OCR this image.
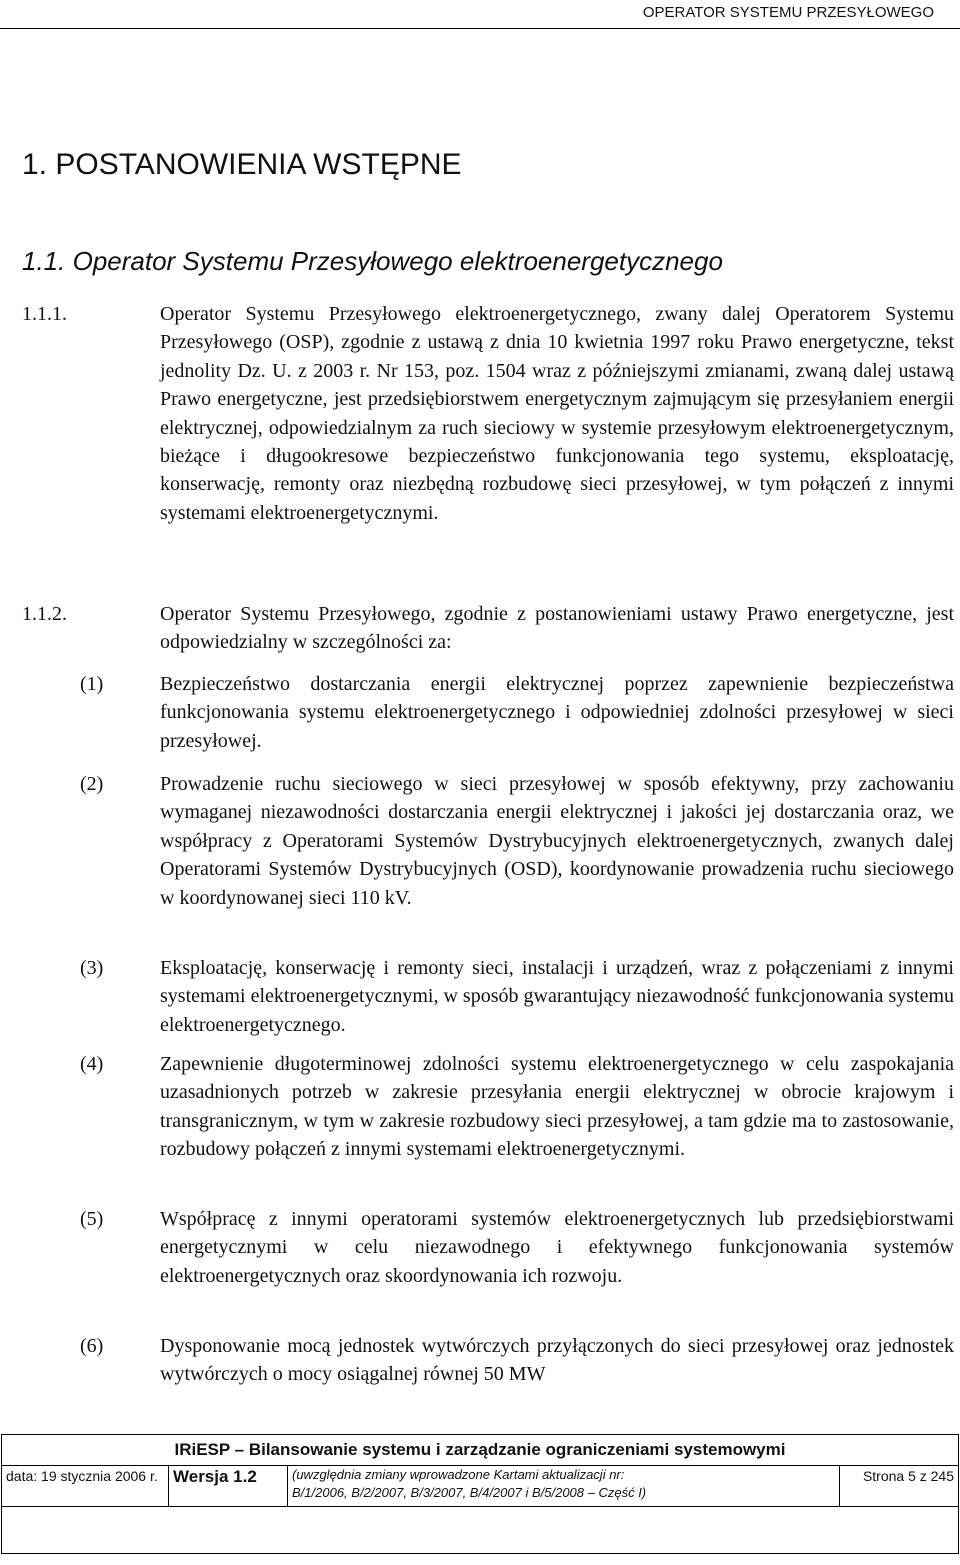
OPERATOR SYSTEMU PRZESYŁOWEGO
1. POSTANOWIENIA WSTĘPNE
1.1. Operator Systemu Przesyłowego elektroenergetycznego
1.1.1.	Operator Systemu Przesyłowego elektroenergetycznego, zwany dalej Operatorem Systemu Przesyłowego (OSP), zgodnie z ustawą z dnia 10 kwietnia 1997 roku Prawo energetyczne, tekst jednolity Dz. U. z 2003 r. Nr 153, poz. 1504 wraz z późniejszymi zmianami, zwaną dalej ustawą Prawo energetyczne, jest przedsiębiorstwem energetycznym zajmującym się przesyłaniem energii elektrycznej, odpowiedzialnym za ruch sieciowy w systemie przesyłowym elektroenergetycznym, bieżące i długookresowe bezpieczeństwo funkcjonowania tego systemu, eksploatację, konserwację, remonty oraz niezbędną rozbudowę sieci przesyłowej, w tym połączeń z innymi systemami elektroenergetycznymi.
1.1.2.	Operator Systemu Przesyłowego, zgodnie z postanowieniami ustawy Prawo energetyczne, jest odpowiedzialny w szczególności za:
(1)	Bezpieczeństwo dostarczania energii elektrycznej poprzez zapewnienie bezpieczeństwa funkcjonowania systemu elektroenergetycznego i odpowiedniej zdolności przesyłowej w sieci przesyłowej.
(2)	Prowadzenie ruchu sieciowego w sieci przesyłowej w sposób efektywny, przy zachowaniu wymaganej niezawodności dostarczania energii elektrycznej i jakości jej dostarczania oraz, we współpracy z Operatorami Systemów Dystrybucyjnych elektroenergetycznych, zwanych dalej Operatorami Systemów Dystrybucyjnych (OSD), koordynowanie prowadzenia ruchu sieciowego w koordynowanej sieci 110 kV.
(3)	Eksploatację, konserwację i remonty sieci, instalacji i urządzeń, wraz z połączeniami z innymi systemami elektroenergetycznymi, w sposób gwarantujący niezawodność funkcjonowania systemu elektroenergetycznego.
(4)	Zapewnienie długoterminowej zdolności systemu elektroenergetycznego w celu zaspokajania uzasadnionych potrzeb w zakresie przesyłania energii elektrycznej w obrocie krajowym i transgranicznym, w tym w zakresie rozbudowy sieci przesyłowej, a tam gdzie ma to zastosowanie, rozbudowy połączeń z innymi systemami elektroenergetycznymi.
(5)	Współpracę z innymi operatorami systemów elektroenergetycznych lub przedsiębiorstwami energetycznymi w celu niezawodnego i efektywnego funkcjonowania systemów elektroenergetycznych oraz skoordynowania ich rozwoju.
(6)	Dysponowanie mocą jednostek wytwórczych przyłączonych do sieci przesyłowej oraz jednostek wytwórczych o mocy osiągalnej równej 50 MW
IRiESP – Bilansowanie systemu i zarządzanie ograniczeniami systemowymi
data: 19 stycznia 2006 r.	Wersja 1.2	(uwzględnia zmiany wprowadzone Kartami aktualizacji nr:
B/1/2006, B/2/2007, B/3/2007, B/4/2007 i B/5/2008 – Część I)
	Strona 5 z 245
